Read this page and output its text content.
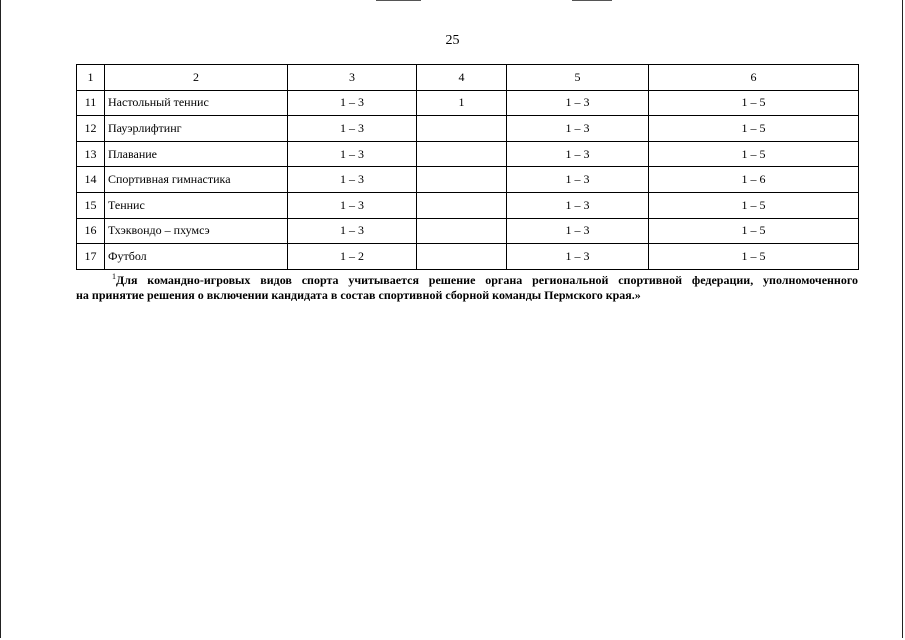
25
1	2	3	4	5	6
11	Настольный теннис	1 – 3	1	1 – 3	1 – 5
12	Пауэрлифтинг	1 – 3		1 – 3	1 – 5
13	Плавание	1 – 3		1 – 3	1 – 5
14	Спортивная гимнастика	1 – 3		1 – 3	1 – 6
15	Теннис	1 – 3		1 – 3	1 – 5
16	Тхэквондо – пхумсэ	1 – 3		1 – 3	1 – 5
17	Футбол	1 – 2		1 – 3	1 – 5
$^1$Для командно-игровых видов спорта учитывается решение органа региональной спортивной федерации, уполномоченного
на принятие решения о включении кандидата в состав спортивной сборной команды Пермского края.»
